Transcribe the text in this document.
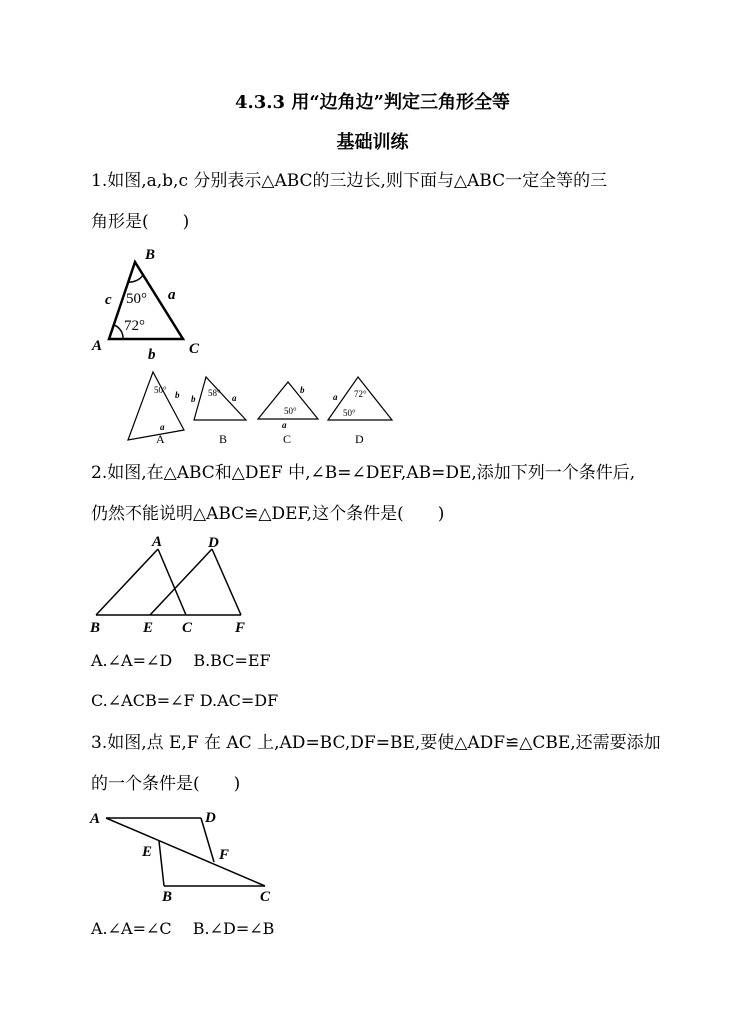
4.3.3 用“边角边”判定三角形全等
基础训练
1.如图,a,b,c 分别表示△ABC的三边长,则下面与△ABC一定全等的三
角形是(　　)
B
A	C
c	a
b
50°
72°
50° b
a
A
58°
b	a
B
b
50°
a
C
72°
a
50°
D
2.如图,在△ABC和△DEF 中,∠B=∠DEF,AB=DE,添加下列一个条件后,
仍然不能说明△ABC≌△DEF,这个条件是(　　)
A	D
B	E C	F
A.∠A=∠D　 B.BC=EF
C.∠ACB=∠F D.AC=DF
3.如图,点 E,F 在 AC 上,AD=BC,DF=BE,要使△ADF≌△CBE,还需要添加
的一个条件是(　　)
A	D
E	F
B	C
A.∠A=∠C　 B.∠D=∠B
